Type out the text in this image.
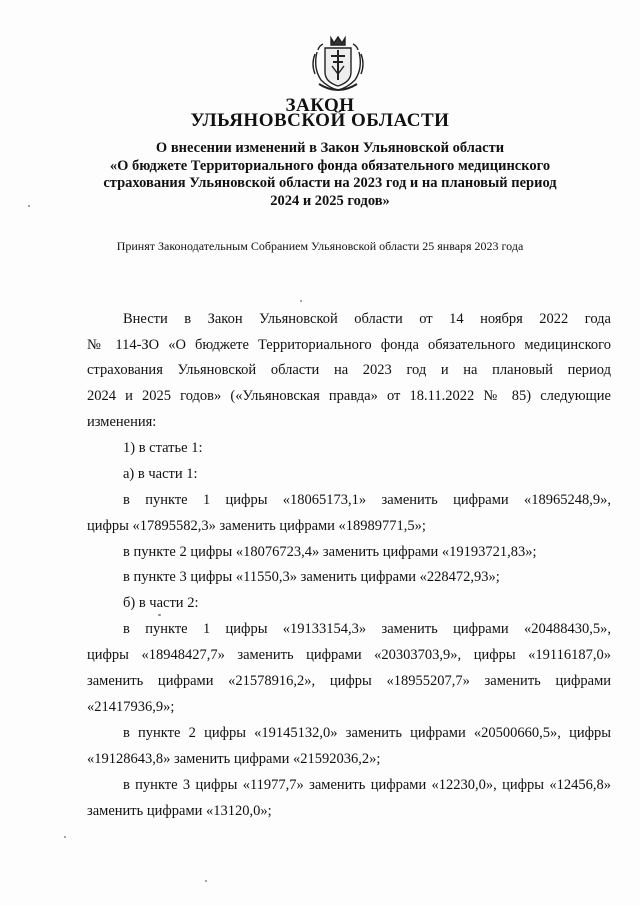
ЗАКОН
УЛЬЯНОВСКОЙ ОБЛАСТИ
О внесении изменений в Закон Ульяновской области
«О бюджете Территориального фонда обязательного медицинского
страхования Ульяновской области на 2023 год и на плановый период
2024 и 2025 годов»
Принят Законодательным Собранием Ульяновской области 25 января 2023 года
Внести в Закон Ульяновской области от 14 ноября 2022 года
№ 114-ЗО «О бюджете Территориального фонда обязательного медицинского
страхования Ульяновской области на 2023 год и на плановый период
2024 и 2025 годов» («Ульяновская правда» от 18.11.2022 № 85) следующие
изменения:
1) в статье 1:
а) в части 1:
в пункте 1 цифры «18065173,1» заменить цифрами «18965248,9»,
цифры «17895582,3» заменить цифрами «18989771,5»;
в пункте 2 цифры «18076723,4» заменить цифрами «19193721,83»;
в пункте 3 цифры «11550,3» заменить цифрами «228472,93»;
б) в части 2:
в пункте 1 цифры «19133154,3» заменить цифрами «20488430,5»,
цифры «18948427,7» заменить цифрами «20303703,9», цифры «19116187,0»
заменить цифрами «21578916,2», цифры «18955207,7» заменить цифрами
«21417936,9»;
в пункте 2 цифры «19145132,0» заменить цифрами «20500660,5», цифры
«19128643,8» заменить цифрами «21592036,2»;
в пункте 3 цифры «11977,7» заменить цифрами «12230,0», цифры «12456,8»
заменить цифрами «13120,0»;
